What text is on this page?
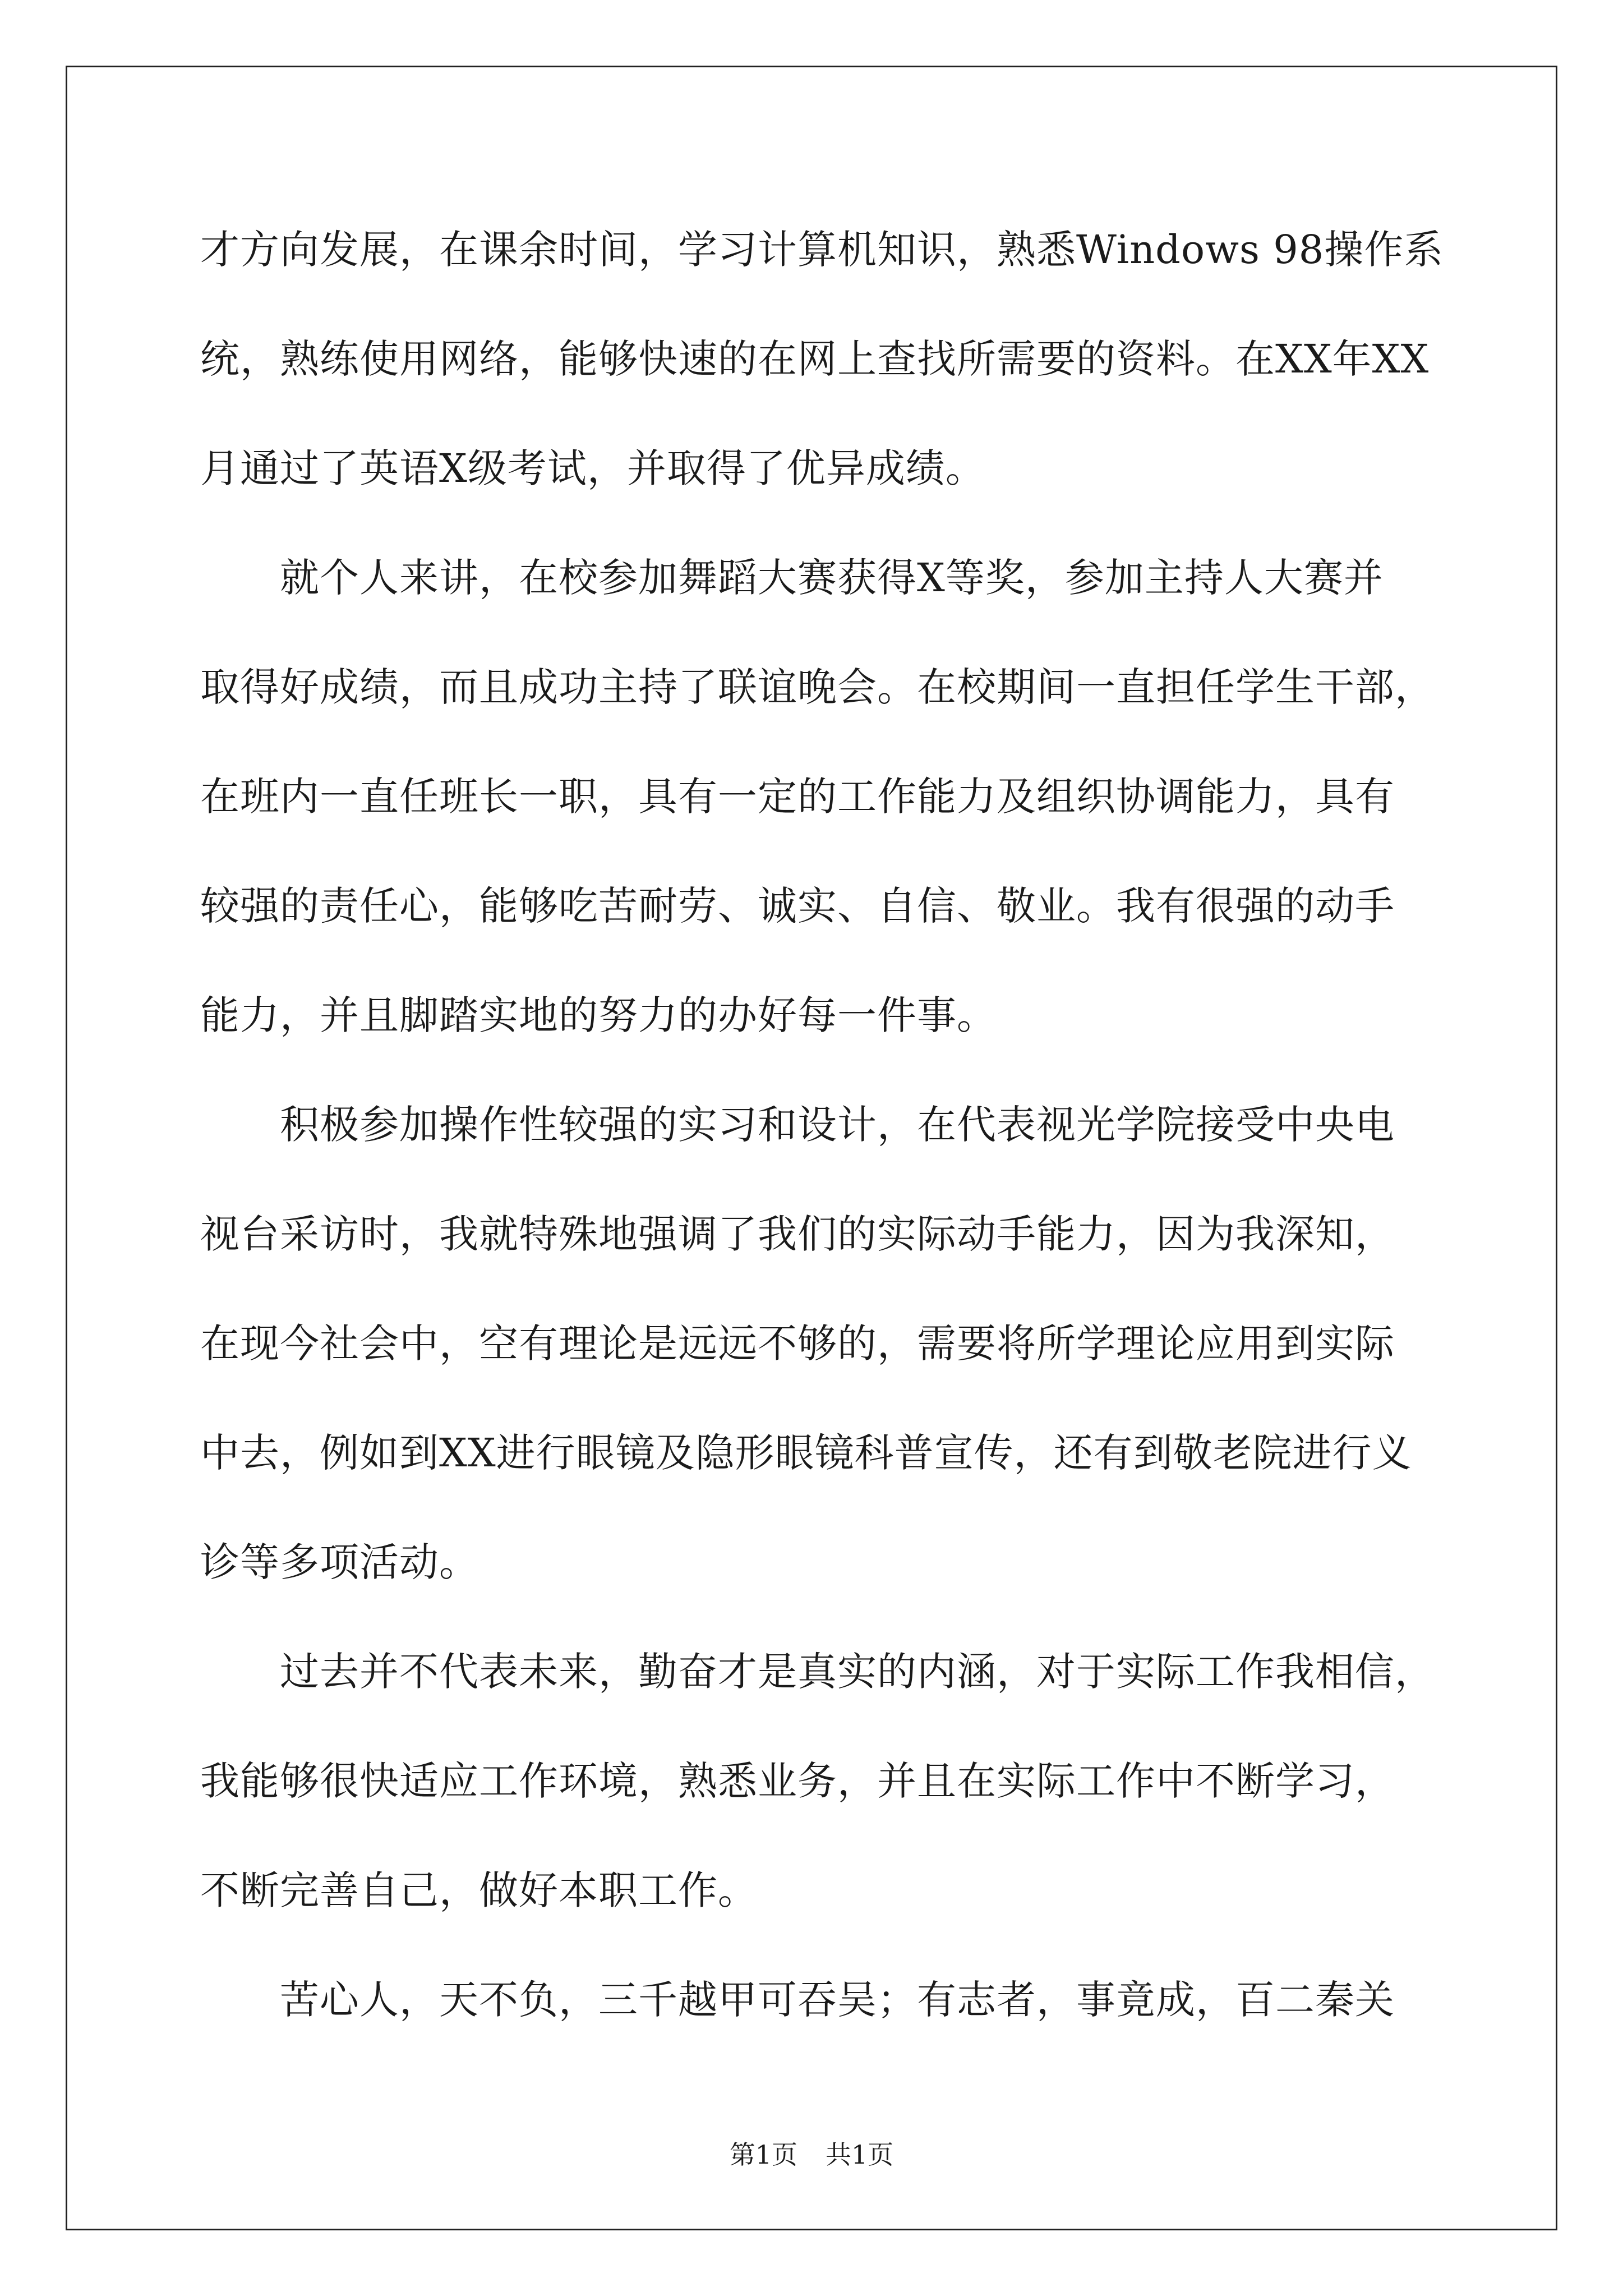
才方向发展，在课余时间，学习计算机知识，熟悉Windows 98操作系
统，熟练使用网络，能够快速的在网上查找所需要的资料。在XX年XX
月通过了英语X级考试，并取得了优异成绩。
　　就个人来讲，在校参加舞蹈大赛获得X等奖，参加主持人大赛并
取得好成绩，而且成功主持了联谊晚会。在校期间一直担任学生干部，
在班内一直任班长一职，具有一定的工作能力及组织协调能力，具有
较强的责任心，能够吃苦耐劳、诚实、自信、敬业。我有很强的动手
能力，并且脚踏实地的努力的办好每一件事。
　　积极参加操作性较强的实习和设计，在代表视光学院接受中央电
视台采访时，我就特殊地强调了我们的实际动手能力，因为我深知，
在现今社会中，空有理论是远远不够的，需要将所学理论应用到实际
中去，例如到XX进行眼镜及隐形眼镜科普宣传，还有到敬老院进行义
诊等多项活动。
　　过去并不代表未来，勤奋才是真实的内涵，对于实际工作我相信，
我能够很快适应工作环境，熟悉业务，并且在实际工作中不断学习，
不断完善自己，做好本职工作。
　　苦心人，天不负，三千越甲可吞吴；有志者，事竟成，百二秦关
第1页 共1页
